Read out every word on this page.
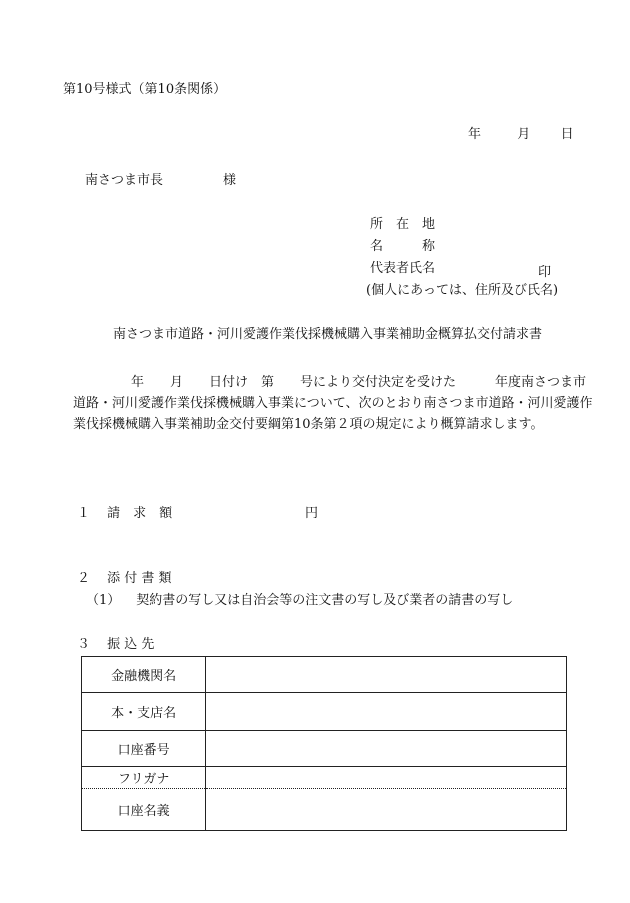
第10号様式（第10条関係）
年	月 日
南さつま市長	様
所　在　地
名　　　称
代表者氏名	印
(個人にあっては、住所及び氏名)
南さつま市道路・河川愛護作業伐採機械購入事業補助金概算払交付請求書

年　　月　　日付け　第　　号により交付決定を受けた　　　年度南さつま市

道路・河川愛護作業伐採機械購入事業について、次のとおり南さつま市道路・河川愛護作

業伐採機械購入事業補助金交付要綱第10条第２項の規定により概算請求します。

１　 請　求　額	円
２　 添 付 書 類
（1） 契約書の写し又は自治会等の注文書の写し及び業者の請書の写し
３　 振 込 先
金融機関名	
本・支店名	
口座番号	
フリガナ	
口座名義	
